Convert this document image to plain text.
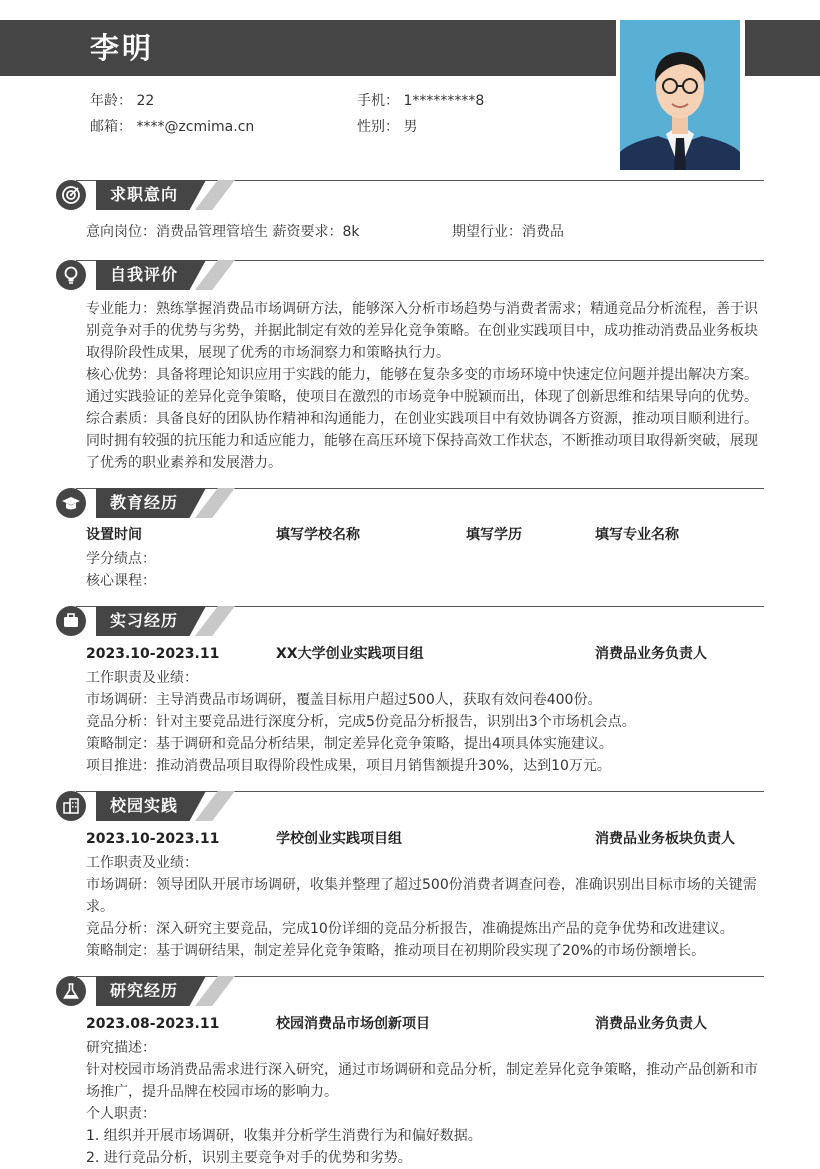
李明
年龄： 22	手机： 1*********8
邮箱： ****@zcmima.cn	性别： 男
求职意向
意向岗位：消费品管理管培生 薪资要求：8k	期望行业：消费品
自我评价
专业能力：熟练掌握消费品市场调研方法，能够深入分析市场趋势与消费者需求；精通竞品分析流程，善于识
别竞争对手的优势与劣势，并据此制定有效的差异化竞争策略。在创业实践项目中，成功推动消费品业务板块
取得阶段性成果，展现了优秀的市场洞察力和策略执行力。
核心优势：具备将理论知识应用于实践的能力，能够在复杂多变的市场环境中快速定位问题并提出解决方案。
通过实践验证的差异化竞争策略，使项目在激烈的市场竞争中脱颖而出，体现了创新思维和结果导向的优势。
综合素质：具备良好的团队协作精神和沟通能力，在创业实践项目中有效协调各方资源，推动项目顺利进行。
同时拥有较强的抗压能力和适应能力，能够在高压环境下保持高效工作状态，不断推动项目取得新突破，展现
了优秀的职业素养和发展潜力。
教育经历
设置时间	填写学校名称	填写学历	填写专业名称
学分绩点：
核心课程：
实习经历
2023.10-2023.11	XX大学创业实践项目组	消费品业务负责人
工作职责及业绩：
市场调研：主导消费品市场调研，覆盖目标用户超过500人，获取有效问卷400份。
竞品分析：针对主要竞品进行深度分析，完成5份竞品分析报告，识别出3个市场机会点。
策略制定：基于调研和竞品分析结果，制定差异化竞争策略，提出4项具体实施建议。
项目推进：推动消费品项目取得阶段性成果，项目月销售额提升30%，达到10万元。
校园实践
2023.10-2023.11	学校创业实践项目组	消费品业务板块负责人
工作职责及业绩：
市场调研：领导团队开展市场调研，收集并整理了超过500份消费者调查问卷，准确识别出目标市场的关键需
求。
竞品分析：深入研究主要竞品，完成10份详细的竞品分析报告，准确提炼出产品的竞争优势和改进建议。
策略制定：基于调研结果，制定差异化竞争策略，推动项目在初期阶段实现了20%的市场份额增长。
研究经历
2023.08-2023.11	校园消费品市场创新项目	消费品业务负责人
研究描述：
针对校园市场消费品需求进行深入研究，通过市场调研和竞品分析，制定差异化竞争策略，推动产品创新和市
场推广，提升品牌在校园市场的影响力。
个人职责：
1. 组织并开展市场调研，收集并分析学生消费行为和偏好数据。
2. 进行竞品分析，识别主要竞争对手的优势和劣势。
